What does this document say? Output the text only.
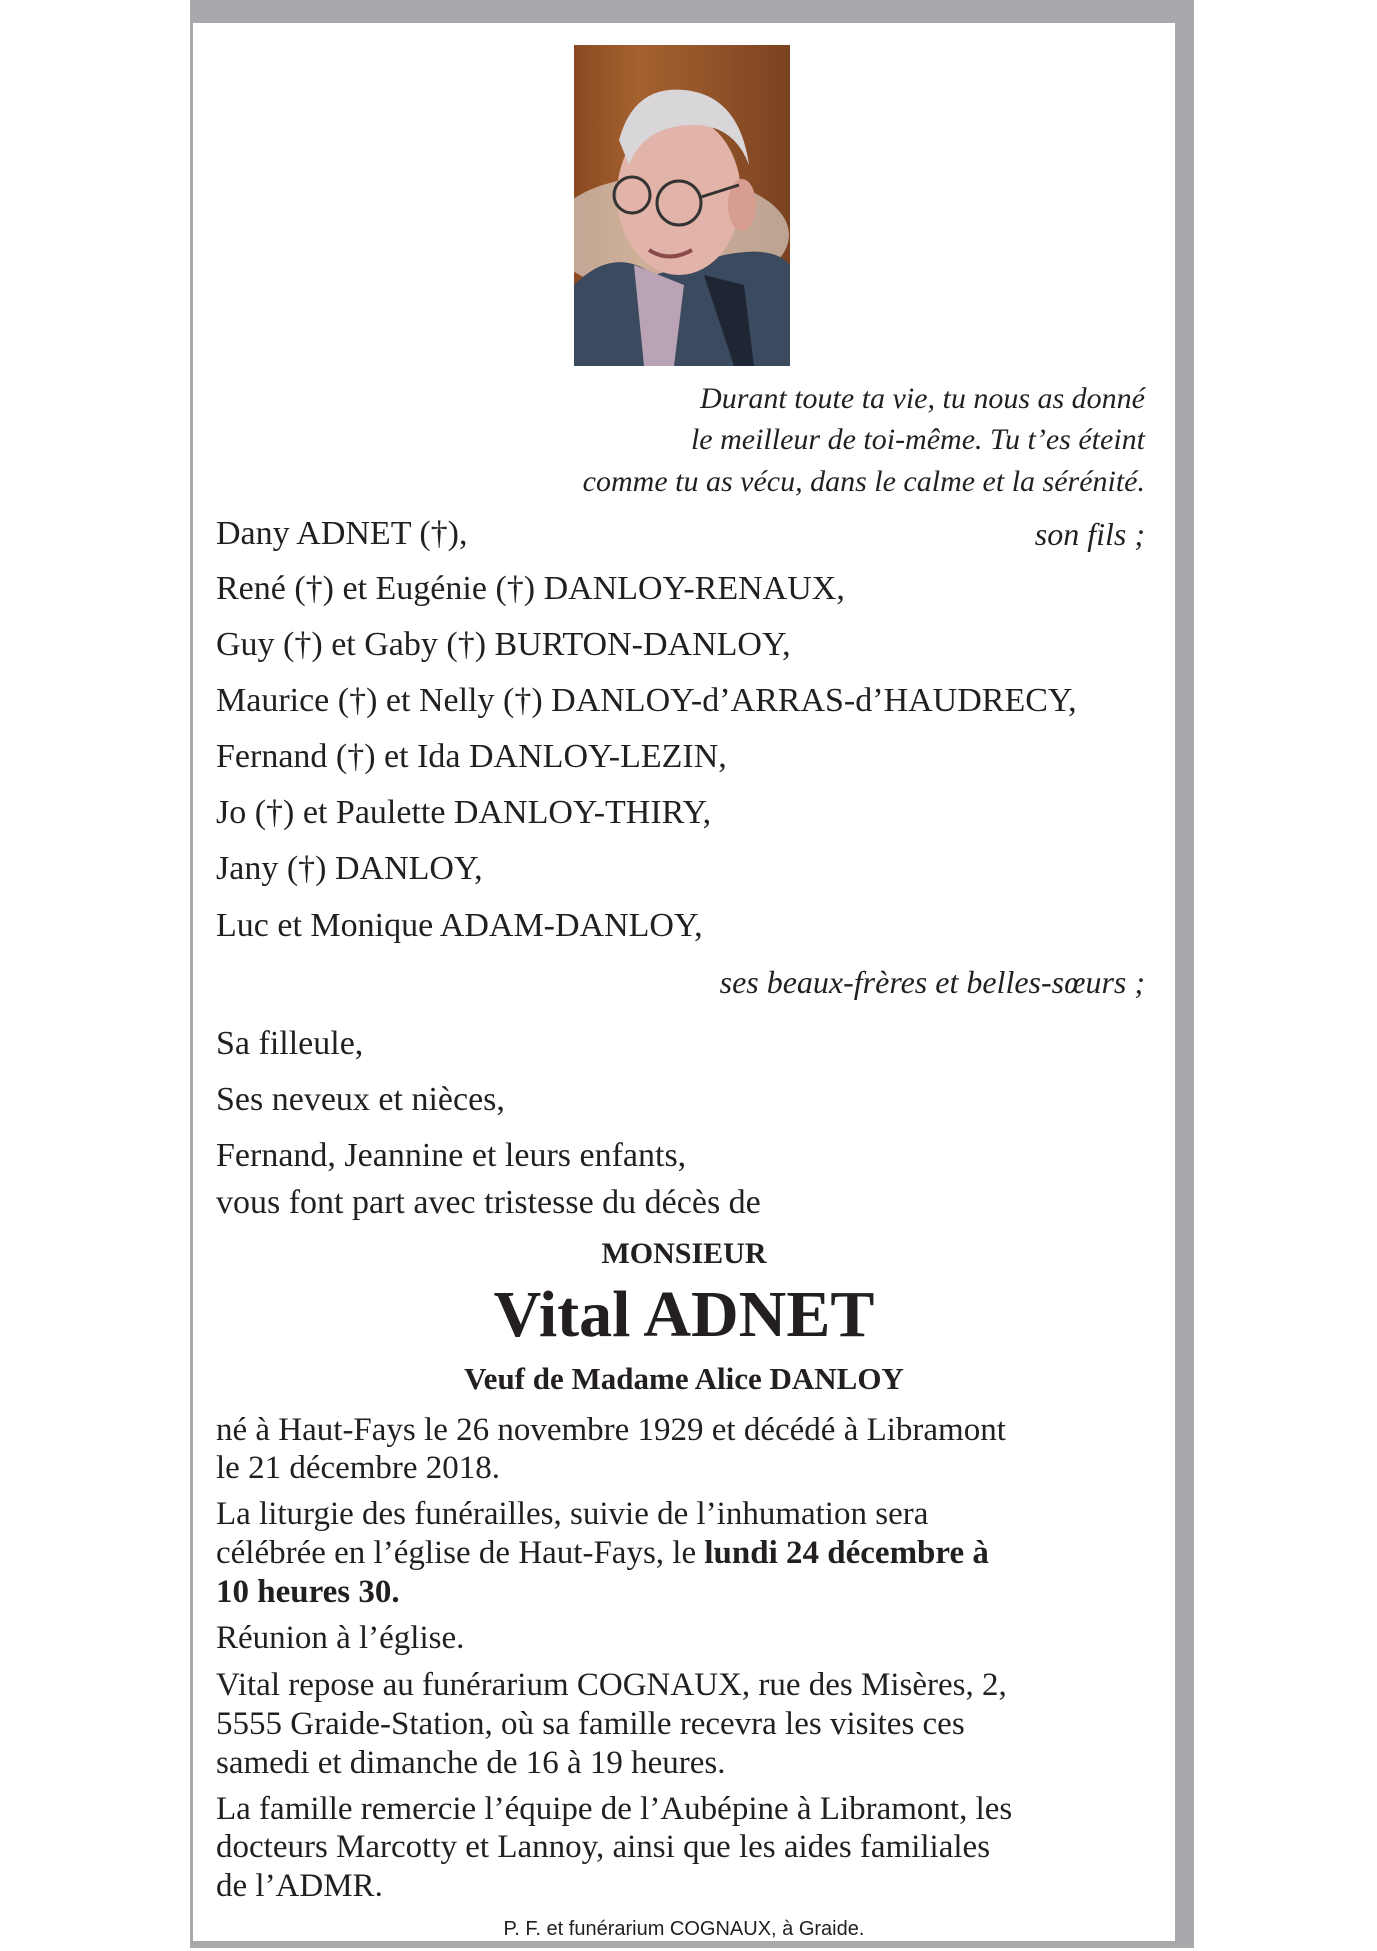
Durant toute ta vie, tu nous as donné
le meilleur de toi-même. Tu t’es éteint
comme tu as vécu, dans le calme et la sérénité.
Dany ADNET (†),	son fils ;
René (†) et Eugénie (†) DANLOY-RENAUX,
Guy (†) et Gaby (†) BURTON-DANLOY,
Maurice (†) et Nelly (†) DANLOY-d’ARRAS-d’HAUDRECY,
Fernand (†) et Ida DANLOY-LEZIN,
Jo (†) et Paulette DANLOY-THIRY,
Jany (†) DANLOY,
Luc et Monique ADAM-DANLOY,
ses beaux-frères et belles-sœurs ;
Sa filleule,
Ses neveux et nièces,
Fernand, Jeannine et leurs enfants,
vous font part avec tristesse du décès de
MONSIEUR
Vital ADNET
Veuf de Madame Alice DANLOY
né à Haut-Fays le 26 novembre 1929 et décédé à Libramont
le 21 décembre 2018.
La liturgie des funérailles, suivie de l’inhumation sera
célébrée en l’église de Haut-Fays, le lundi 24 décembre à
10 heures 30.
Réunion à l’église.
Vital repose au funérarium COGNAUX, rue des Misères, 2,
5555 Graide-Station, où sa famille recevra les visites ces
samedi et dimanche de 16 à 19 heures.
La famille remercie l’équipe de l’Aubépine à Libramont, les
docteurs Marcotty et Lannoy, ainsi que les aides familiales
de l’ADMR.
P. F. et funérarium COGNAUX, à Graide.
